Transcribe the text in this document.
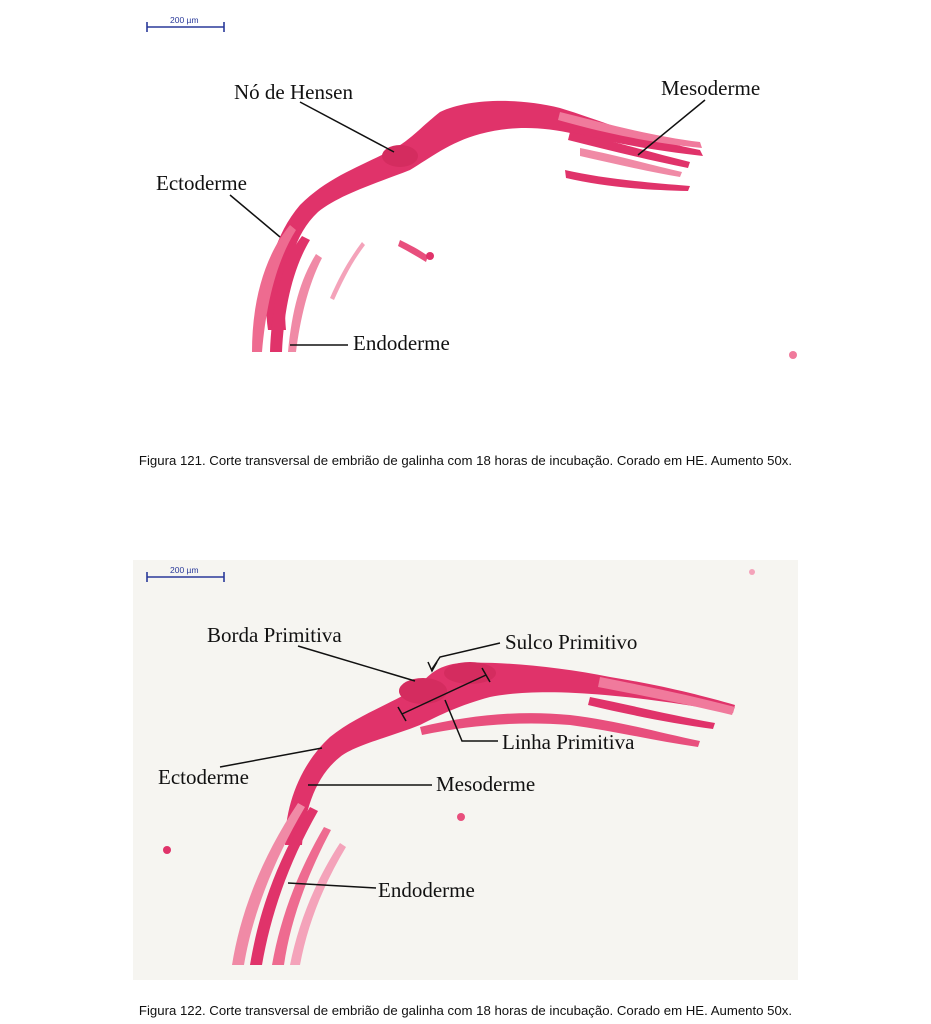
200 µm
Nó de Hensen	Mesoderme
Ectoderme
Endoderme
Figura 121. Corte transversal de embrião de galinha com 18 horas de incubação. Corado em HE. Aumento 50x.
200 µm
Borda Primitiva	Sulco Primitivo
Linha Primitiva
Ectoderme	Mesoderme
Endoderme
Figura 122. Corte transversal de embrião de galinha com 18 horas de incubação. Corado em HE. Aumento 50x.
